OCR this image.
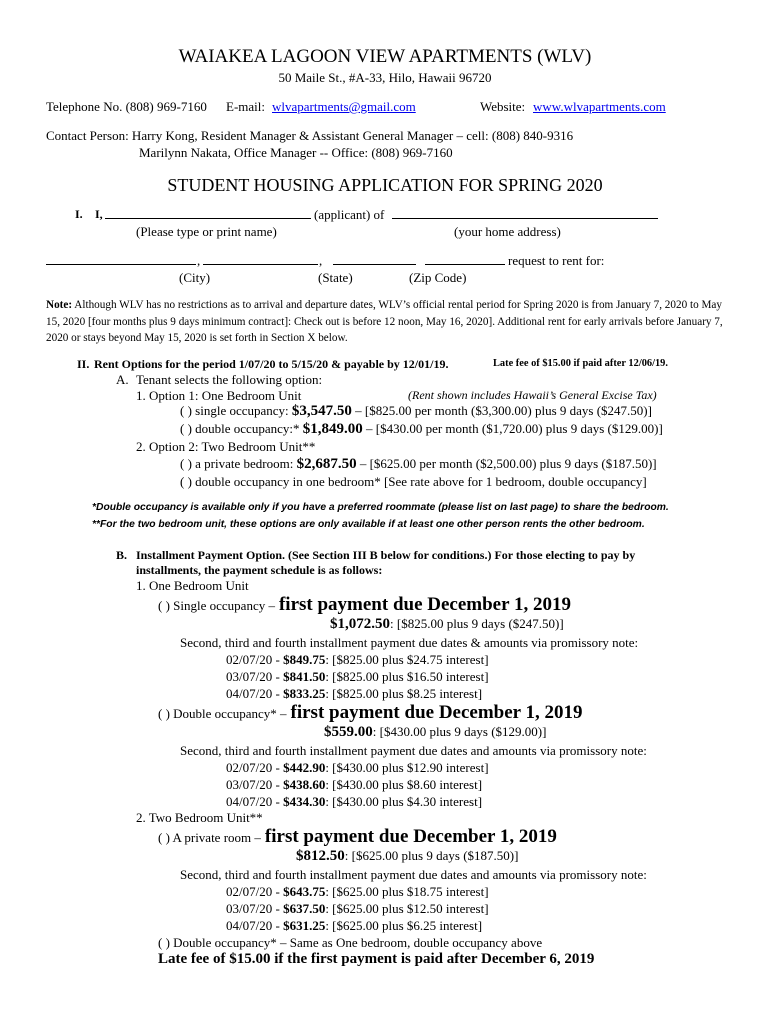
WAIAKEA LAGOON VIEW APARTMENTS (WLV)
50 Maile St., #A-33, Hilo, Hawaii 96720
Telephone No. (808) 969-7160 E-mail: wlvapartments@gmail.com	Website: www.wlvapartments.com
Contact Person: Harry Kong, Resident Manager & Assistant General Manager – cell: (808) 840-9316
Marilynn Nakata, Office Manager -- Office: (808) 969-7160
STUDENT HOUSING APPLICATION FOR SPRING 2020
I. I,	(applicant) of
(Please type or print name)	(your home address)
,	,	request to rent for:
(City)	(State)	(Zip Code)
Note: Although WLV has no restrictions as to arrival and departure dates, WLV’s official rental period for Spring 2020 is from January 7, 2020 to May 15, 2020 [four months plus 9 days minimum contract]: Check out is before 12 noon, May 16, 2020]. Additional rent for early arrivals before January 7, 2020 or stays beyond May 15, 2020 is set forth in Section X below.
II. Rent Options for the period 1/07/20 to 5/15/20 & payable by 12/01/19.	Late fee of $15.00 if paid after 12/06/19.
A. Tenant selects the following option:
1. Option 1: One Bedroom Unit	(Rent shown includes Hawaii’s General Excise Tax)
( ) single occupancy: $3,547.50 – [$825.00 per month ($3,300.00) plus 9 days ($247.50)]
( ) double occupancy:* $1,849.00 – [$430.00 per month ($1,720.00) plus 9 days ($129.00)]
2. Option 2: Two Bedroom Unit**
( ) a private bedroom: $2,687.50 – [$625.00 per month ($2,500.00) plus 9 days ($187.50)]
( ) double occupancy in one bedroom* [See rate above for 1 bedroom, double occupancy]
*Double occupancy is available only if you have a preferred roommate (please list on last page) to share the bedroom.
**For the two bedroom unit, these options are only available if at least one other person rents the other bedroom.
B. Installment Payment Option. (See Section III B below for conditions.) For those electing to pay by
installments, the payment schedule is as follows:
1. One Bedroom Unit
( ) Single occupancy – first payment due December 1, 2019
$1,072.50: [$825.00 plus 9 days ($247.50)]
Second, third and fourth installment payment due dates & amounts via promissory note:
02/07/20 - $849.75: [$825.00 plus $24.75 interest]
03/07/20 - $841.50: [$825.00 plus $16.50 interest]
04/07/20 - $833.25: [$825.00 plus $8.25 interest]
( ) Double occupancy* – first payment due December 1, 2019
$559.00: [$430.00 plus 9 days ($129.00)]
Second, third and fourth installment payment due dates and amounts via promissory note:
02/07/20 - $442.90: [$430.00 plus $12.90 interest]
03/07/20 - $438.60: [$430.00 plus $8.60 interest]
04/07/20 - $434.30: [$430.00 plus $4.30 interest]
2. Two Bedroom Unit**
( ) A private room – first payment due December 1, 2019
$812.50: [$625.00 plus 9 days ($187.50)]
Second, third and fourth installment payment due dates and amounts via promissory note:
02/07/20 - $643.75: [$625.00 plus $18.75 interest]
03/07/20 - $637.50: [$625.00 plus $12.50 interest]
04/07/20 - $631.25: [$625.00 plus $6.25 interest]
( ) Double occupancy* – Same as One bedroom, double occupancy above
Late fee of $15.00 if the first payment is paid after December 6, 2019
